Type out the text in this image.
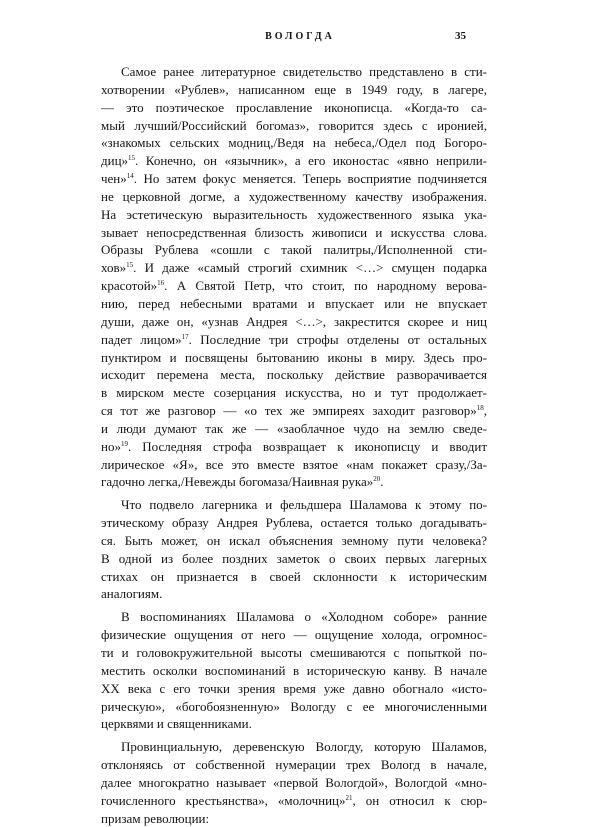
ВОЛОГДА	35
Самое ранее литературное свидетельство представлено в сти-
хотворении «Рублев», написанном еще в 1949 году, в лагере,
— это поэтическое прославление иконописца. «Когда-то са-
мый лучший/Российский богомаз», говорится здесь с иронией,
«знакомых сельских модниц,/Ведя на небеса,/Одел под Богоро-
диц»$^{15}$. Конечно, он «язычник», а его иконостас «явно неприли-
чен»$^{14}$. Но затем фокус меняется. Теперь восприятие подчиняется
не церковной догме, а художественному качеству изображения.
На эстетическую выразительность художественного языка ука-
зывает непосредственная близость живописи и искусства слова.
Образы Рублева «сошли с такой палитры,/Исполненной сти-
хов»$^{15}$. И даже «самый строгий схимник <…> смущен подарка
красотой»$^{16}$. А Святой Петр, что стоит, по народному верова-
нию, перед небесными вратами и впускает или не впускает
души, даже он, «узнав Андрея <…>, закрестится скорее и ниц
падет лицом»$^{17}$. Последние три строфы отделены от остальных
пунктиром и посвящены бытованию иконы в миру. Здесь про-
исходит перемена места, поскольку действие разворачивается
в мирском месте созерцания искусства, но и тут продолжает-
ся тот же разговор — «о тех же эмпиреях заходит разговор»$^{18}$,
и люди думают так же — «заоблачное чудо на землю сведе-
но»$^{19}$. Последняя строфа возвращает к иконописцу и вводит
лирическое «Я», все это вместе взятое «нам покажет сразу,/За-
гадочно легка,/Невежды богомаза/Наивная рука»$^{20}$.
Что подвело лагерника и фельдшера Шаламова к этому по-
этическому образу Андрея Рублева, остается только догадывать-
ся. Быть может, он искал объяснения земному пути человека?
В одной из более поздних заметок о своих первых лагерных
стихах он признается в своей склонности к историческим
аналогиям.
В воспоминаниях Шаламова о «Холодном соборе» ранние
физические ощущения от него — ощущение холода, огромнос-
ти и головокружительной высоты смешиваются с попыткой по-
местить осколки воспоминаний в историческую канву. В начале
XX века с его точки зрения время уже давно обогнало «исто-
рическую», «богобоязненную» Вологду с ее многочисленными
церквями и священниками.
Провинциальную, деревенскую Вологду, которую Шаламов,
отклоняясь от собственной нумерации трех Вологд в начале,
далее многократно называет «первой Вологдой», Вологдой «мно-
гочисленного крестьянства», «молочниц»$^{21}$, он относил к сюр-
призам революции:
